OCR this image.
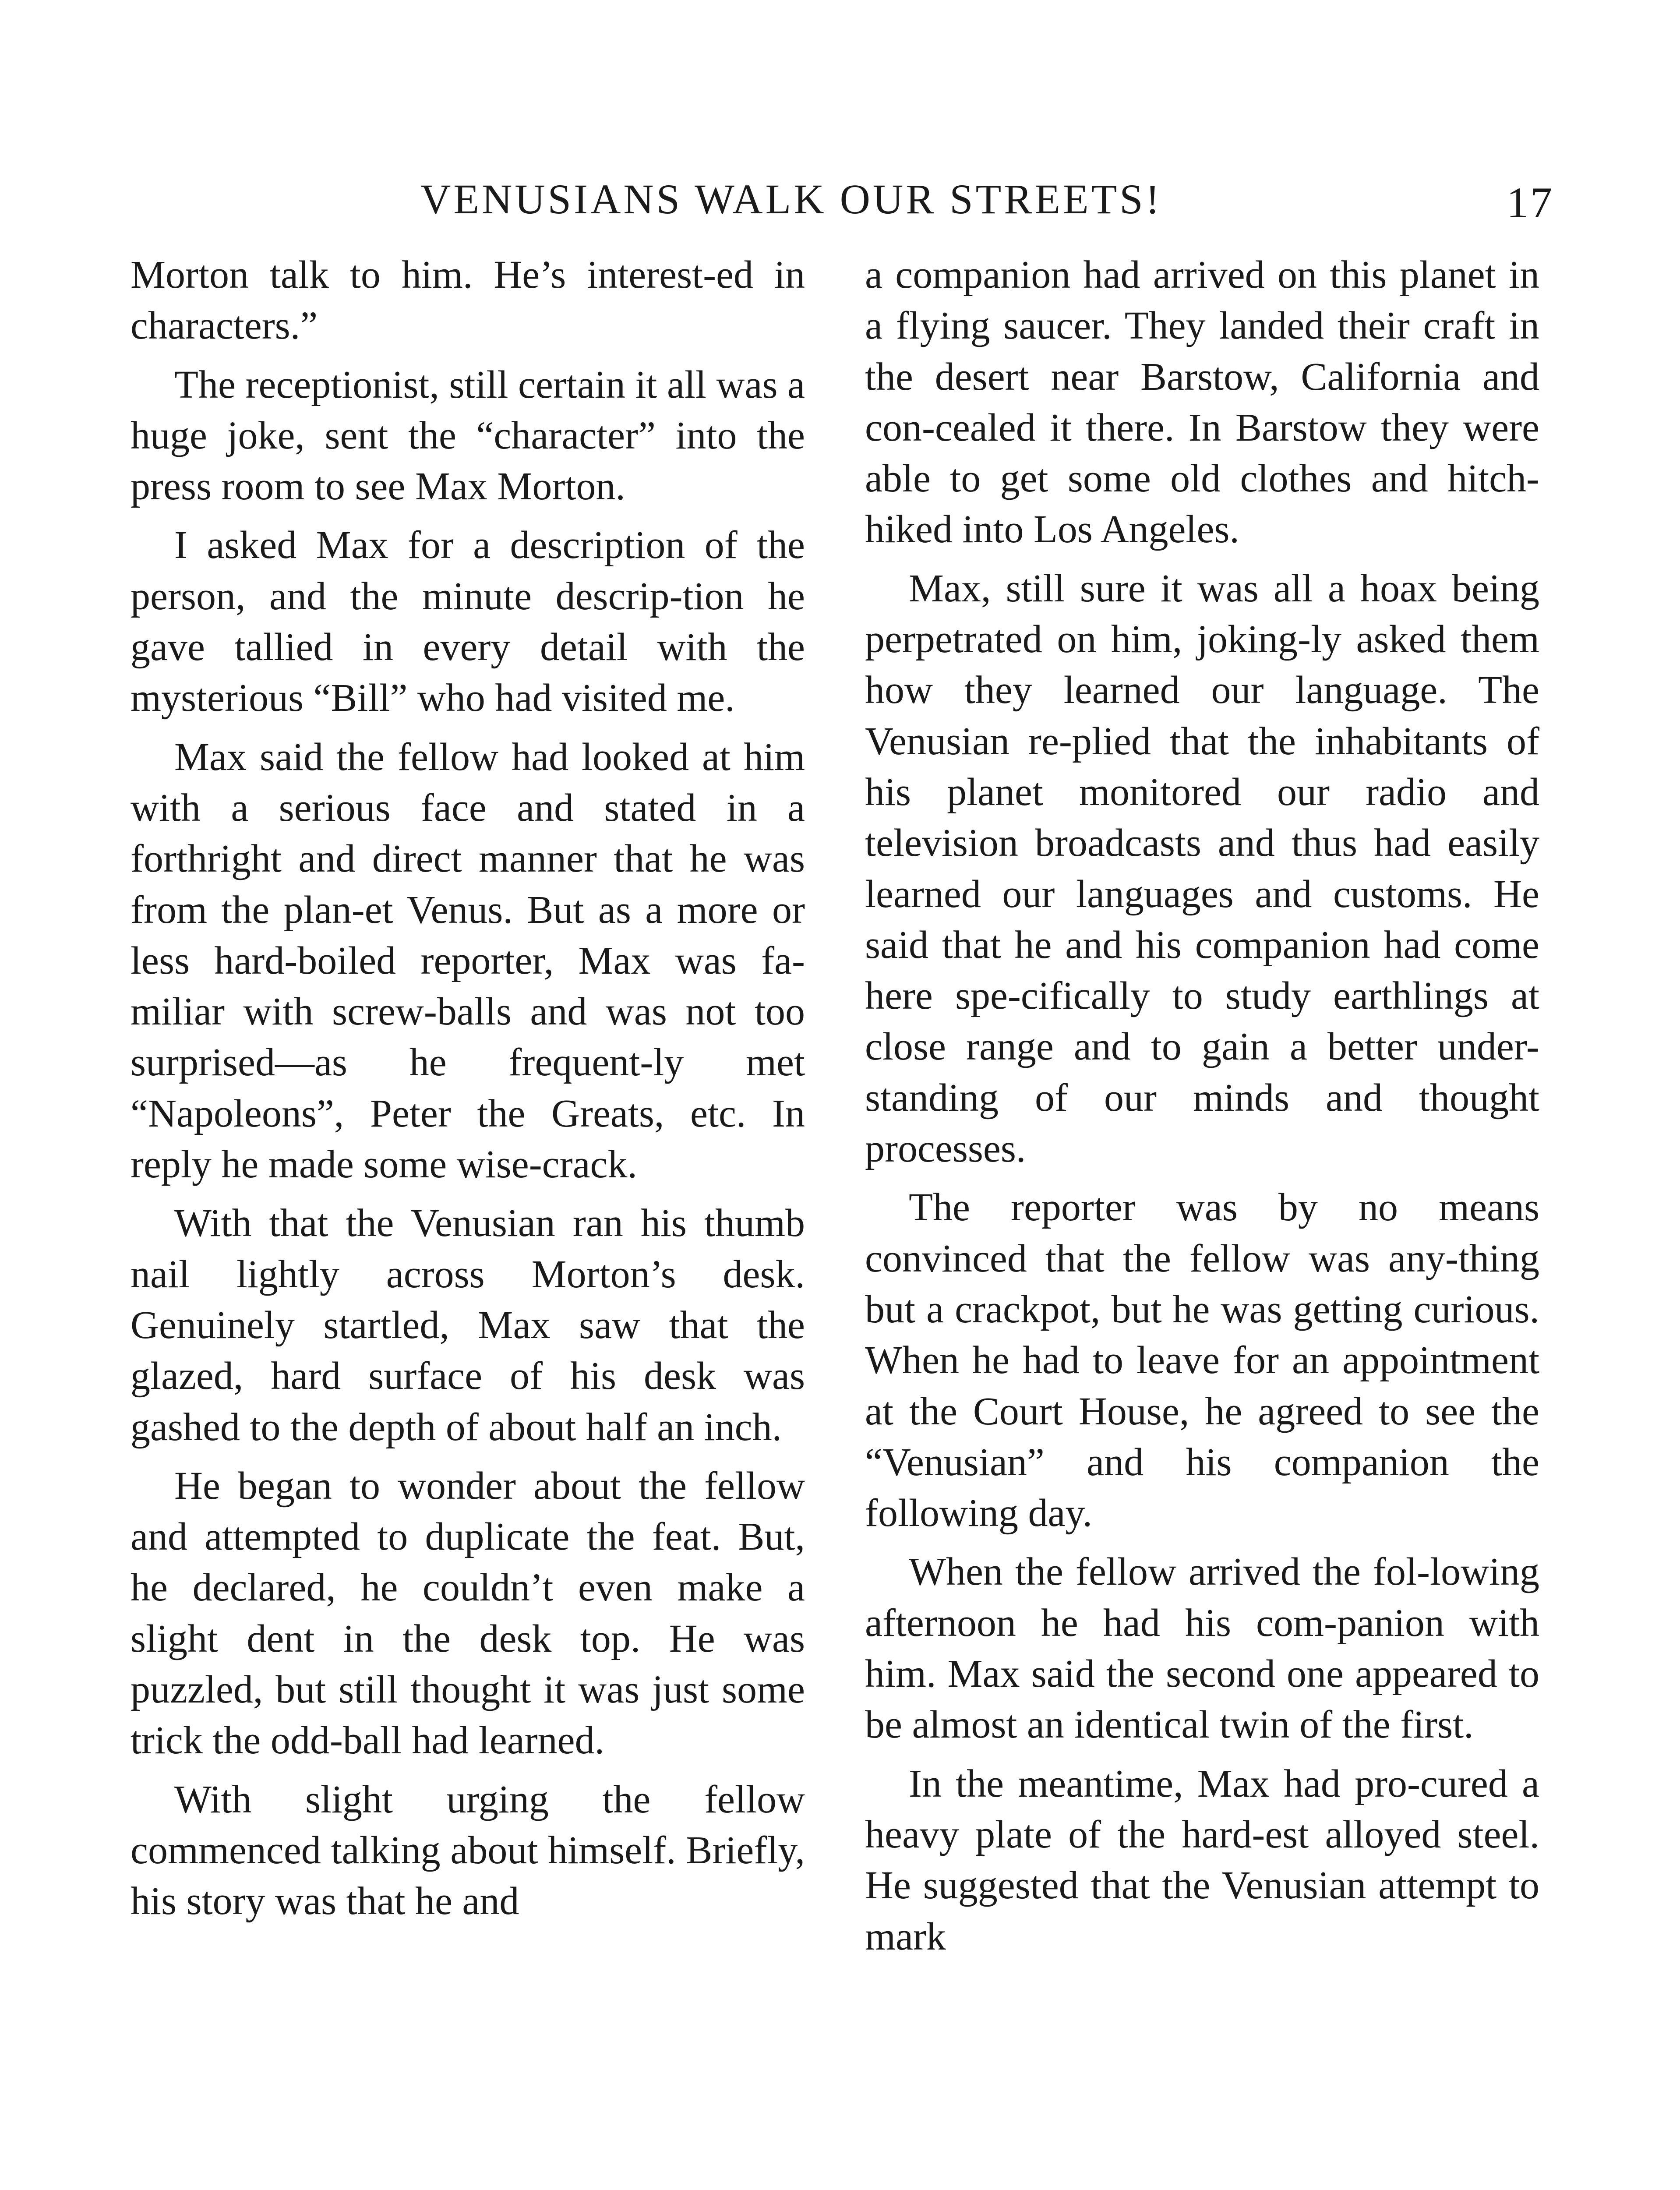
VENUSIANS WALK OUR STREETS!	17

Morton talk to him. He’s interest-ed in characters.”

The receptionist, still certain it all was a huge joke, sent the “character” into the press room to see Max Morton.

I asked Max for a description of the person, and the minute descrip-tion he gave tallied in every detail with the mysterious “Bill” who had visited me.

Max said the fellow had looked at him with a serious face and stated in a forthright and direct manner that he was from the plan-et Venus. But as a more or less hard-boiled reporter, Max was fa-miliar with screw-balls and was not too surprised—as he frequent-ly met “Napoleons”, Peter the Greats, etc. In reply he made some wise-crack.

With that the Venusian ran his thumb nail lightly across Morton’s desk. Genuinely startled, Max saw that the glazed, hard surface of his desk was gashed to the depth of about half an inch.

He began to wonder about the fellow and attempted to duplicate the feat. But, he declared, he couldn’t even make a slight dent in the desk top. He was puzzled, but still thought it was just some trick the odd-ball had learned.

With slight urging the fellow commenced talking about himself. Briefly, his story was that he and

a companion had arrived on this planet in a flying saucer. They landed their craft in the desert near Barstow, California and con-cealed it there. In Barstow they were able to get some old clothes and hitch-hiked into Los Angeles.

Max, still sure it was all a hoax being perpetrated on him, joking-ly asked them how they learned our language. The Venusian re-plied that the inhabitants of his planet monitored our radio and television broadcasts and thus had easily learned our languages and customs. He said that he and his companion had come here spe-cifically to study earthlings at close range and to gain a better under-standing of our minds and thought processes.

The reporter was by no means convinced that the fellow was any-thing but a crackpot, but he was getting curious. When he had to leave for an appointment at the Court House, he agreed to see the “Venusian” and his companion the following day.

When the fellow arrived the fol-lowing afternoon he had his com-panion with him. Max said the second one appeared to be almost an identical twin of the first.

In the meantime, Max had pro-cured a heavy plate of the hard-est alloyed steel. He suggested that the Venusian attempt to mark
